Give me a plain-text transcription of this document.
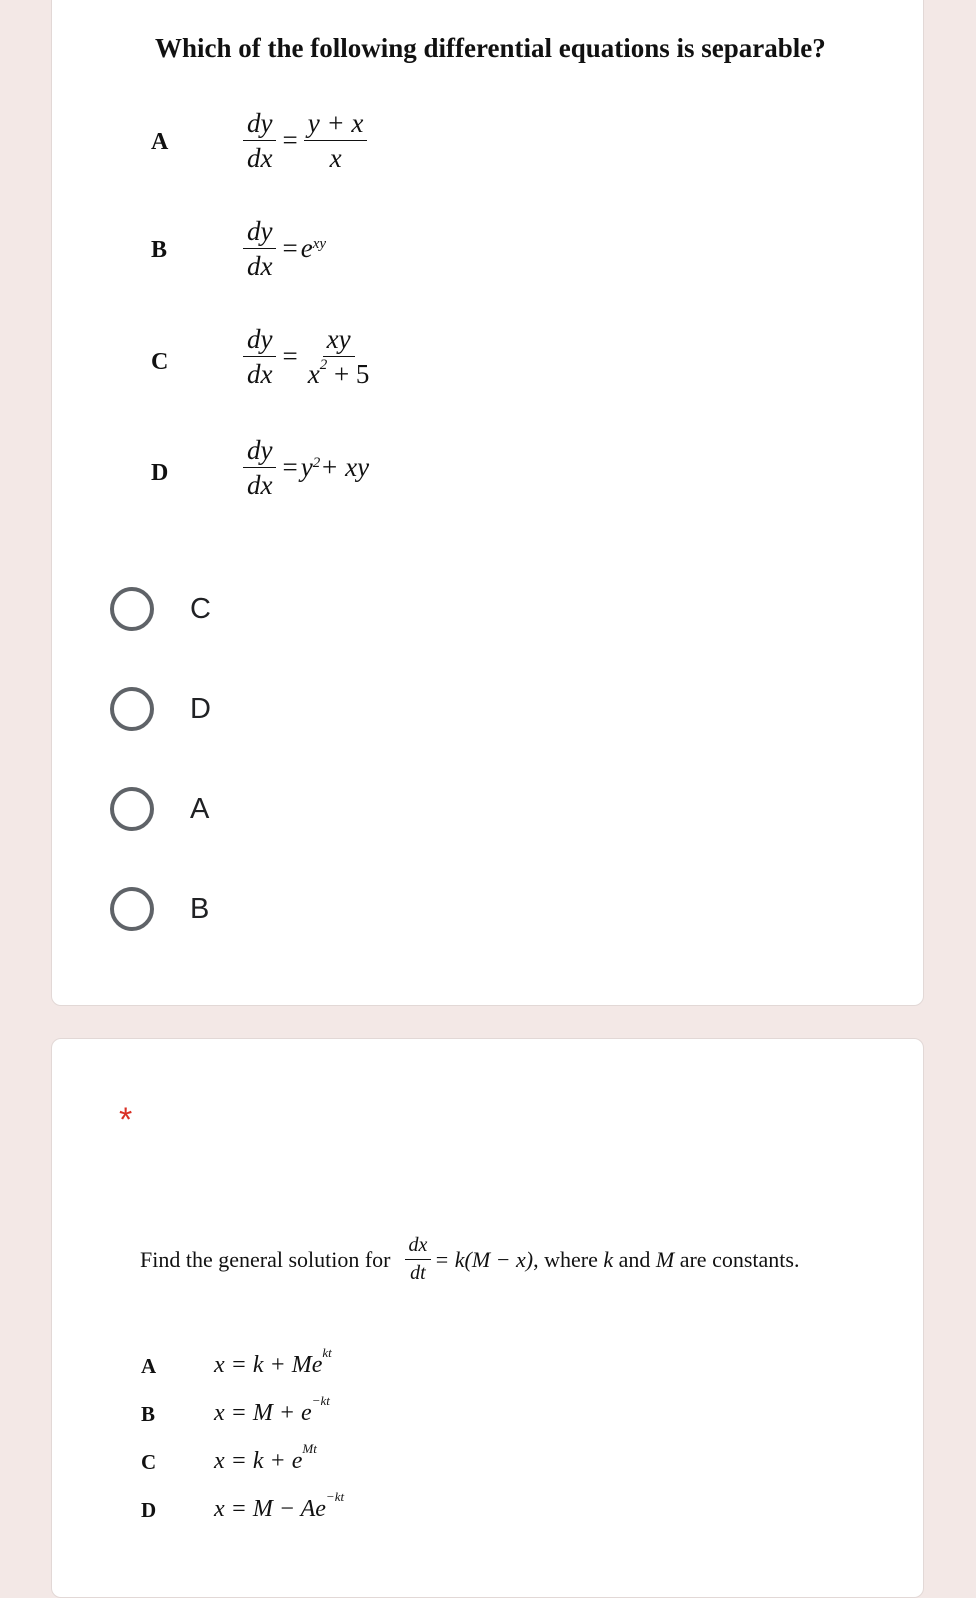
Which of the following differential equations is separable?
A	$\frac{dy}{dx} = \frac{y + x}{x}$
B	$\frac{dy}{dx} = e^{xy}$
C	$\frac{dy}{dx} = \frac{xy}{x^2 + 5}$
D	$\frac{dy}{dx} = y^2$ + xy
C
D
A
B
*
Find the general solution for $\frac{dx}{dt} = k(M - x)$ , where
k
and
M
are constants.
A $x = k + Me^{kt}$
B $x = M + e^{-kt}$
C $x = k + e^{Mt}$
D $x = M - Ae^{-kt}$
